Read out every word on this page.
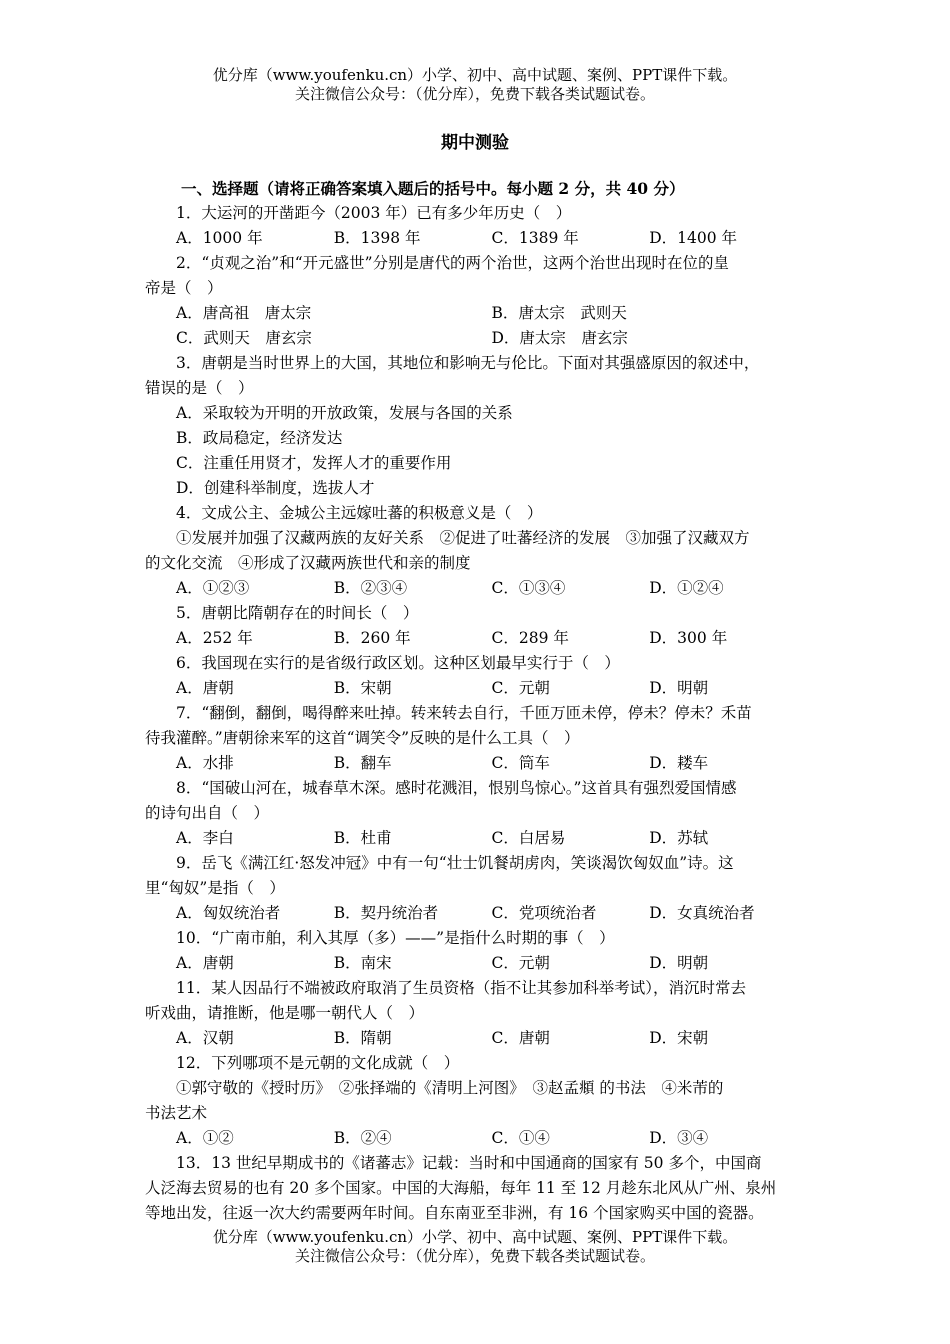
优分库（www.youfenku.cn）小学、初中、高中试题、案例、PPT课件下载。
关注微信公众号：（优分库），免费下载各类试题试卷。
期中测验
一、选择题（请将正确答案填入题后的括号中。每小题 2 分，共 40 分）
1．大运河的开凿距今（2003 年）已有多少年历史（　）
A．1000 年	B．1398 年	C．1389 年	D．1400 年
2．“贞观之治”和“开元盛世”分别是唐代的两个治世，这两个治世出现时在位的皇
帝是（　）
A．唐高祖　唐太宗	B．唐太宗　武则天
C．武则天　唐玄宗	D．唐太宗　唐玄宗
3．唐朝是当时世界上的大国，其地位和影响无与伦比。下面对其强盛原因的叙述中，
错误的是（　）
A．采取较为开明的开放政策，发展与各国的关系
B．政局稳定，经济发达
C．注重任用贤才，发挥人才的重要作用
D．创建科举制度，选拔人才
4．文成公主、金城公主远嫁吐蕃的积极意义是（　）
①发展并加强了汉藏两族的友好关系　②促进了吐蕃经济的发展　③加强了汉藏双方
的文化交流　④形成了汉藏两族世代和亲的制度
A．①②③	B．②③④	C．①③④	D．①②④
5．唐朝比隋朝存在的时间长（　）
A．252 年	B．260 年	C．289 年	D．300 年
6．我国现在实行的是省级行政区划。这种区划最早实行于（　）
A．唐朝	B．宋朝	C．元朝	D．明朝
7．“翻倒，翻倒，喝得醉来吐掉。转来转去自行，千匝万匝未停，停未？停未？禾苗
待我灌醉。”唐朝徐来军的这首“调笑令”反映的是什么工具（　）
A．水排	B．翻车	C．筒车	D．耧车
8．“国破山河在，城春草木深。感时花溅泪，恨别鸟惊心。”这首具有强烈爱国情感
的诗句出自（　）
A．李白	B．杜甫	C．白居易	D．苏轼
9．岳飞《满江红·怒发冲冠》中有一句“壮士饥餐胡虏肉，笑谈渴饮匈奴血”诗。这
里“匈奴”是指（　）
A．匈奴统治者	B．契丹统治者	C．党项统治者	D．女真统治者
10．“广南市舶，利入其厚（多）——”是指什么时期的事（　）
A．唐朝	B．南宋	C．元朝	D．明朝
11．某人因品行不端被政府取消了生员资格（指不让其参加科举考试），消沉时常去
听戏曲，请推断，他是哪一朝代人（　）
A．汉朝	B．隋朝	C．唐朝	D．宋朝
12．下列哪项不是元朝的文化成就（　）
①郭守敬的《授时历》　②张择端的《清明上河图》　③赵孟頫 的书法　④米芾的
书法艺术
A．①②	B．②④	C．①④	D．③④
13．13 世纪早期成书的《诸蕃志》记载：当时和中国通商的国家有 50 多个，中国商
人泛海去贸易的也有 20 多个国家。中国的大海船，每年 11 至 12 月趁东北风从广州、泉州
等地出发，往返一次大约需要两年时间。自东南亚至非洲，有 16 个国家购买中国的瓷器。
优分库（www.youfenku.cn）小学、初中、高中试题、案例、PPT课件下载。
关注微信公众号：（优分库），免费下载各类试题试卷。
